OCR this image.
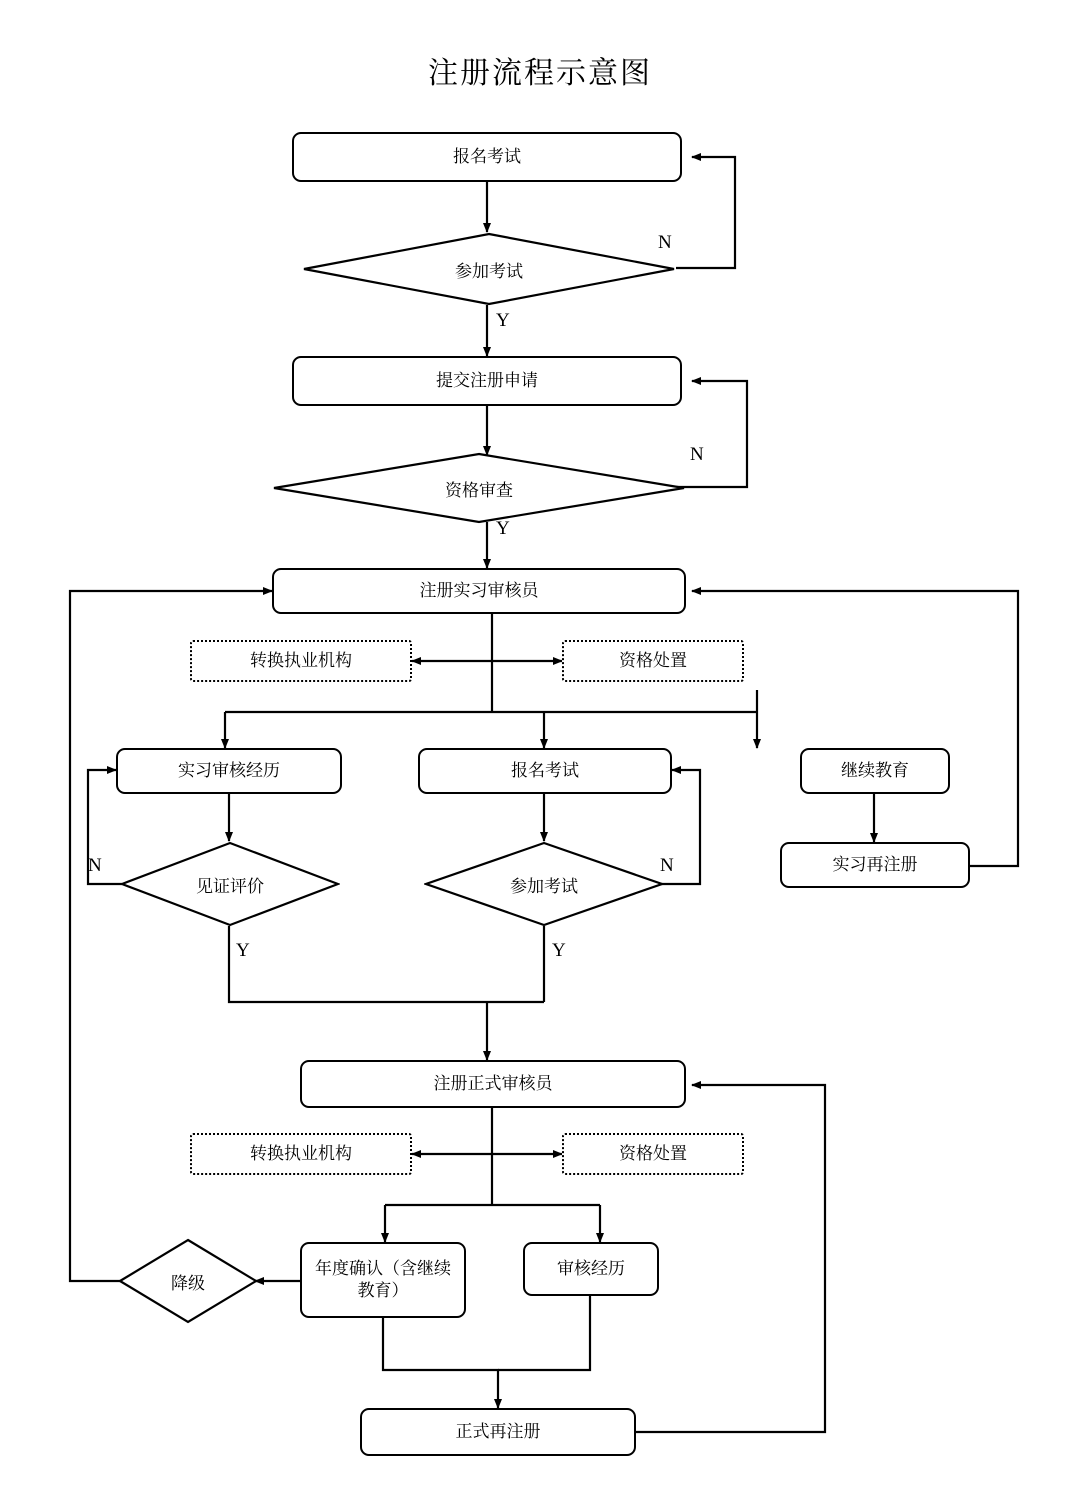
注册流程示意图
报名考试
参加考试
提交注册申请
资格审查
注册实习审核员
转换执业机构	资格处置
实习审核经历	报名考试	继续教育
见证评价	参加考试
实习再注册
注册正式审核员
转换执业机构	资格处置
年度确认（含继续教育）
审核经历
降级
正式再注册
N
Y
N
Y
N
Y
N
Y
